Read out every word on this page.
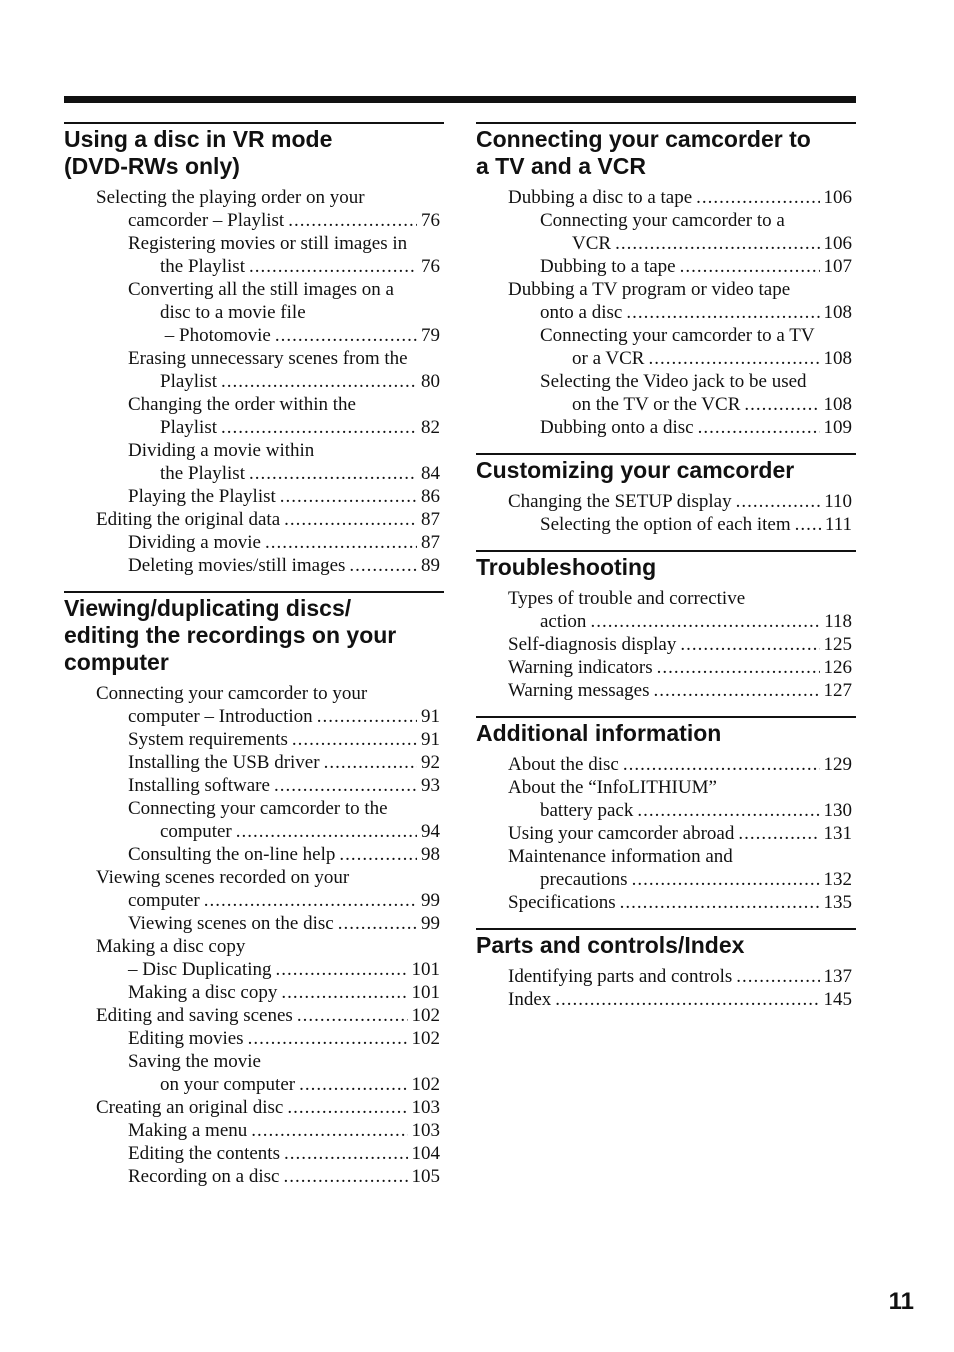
Using a disc in VR mode
(DVD-RWs only)
Selecting the playing order on your
camcorder – Playlist .....	76
Registering movies or still images in
the Playlist .....	76
Converting all the still images on a
disc to a movie file
– Photomovie .....	79
Erasing unnecessary scenes from the
Playlist .....	80
Changing the order within the
Playlist .....	82
Dividing a movie within
the Playlist .....	84
Playing the Playlist .....	86
Editing the original data .....	87
Dividing a movie .....	87
Deleting movies/still images .....	89
Viewing/duplicating discs/
editing the recordings on your
computer
Connecting your camcorder to your
computer – Introduction .....	91
System requirements .....	91
Installing the USB driver .....	92
Installing software .....	93
Connecting your camcorder to the
computer .....	94
Consulting the on-line help .....	98
Viewing scenes recorded on your
computer .....	99
Viewing scenes on the disc .....	99
Making a disc copy
– Disc Duplicating .....	101
Making a disc copy .....	101
Editing and saving scenes .....	102
Editing movies .....	102
Saving the movie
on your computer .....	102
Creating an original disc .....	103
Making a menu .....	103
Editing the contents .....	104
Recording on a disc .....	105
Connecting your camcorder to
a TV and a VCR
Dubbing a disc to a tape .....	106
Connecting your camcorder to a
VCR .....	106
Dubbing to a tape .....	107
Dubbing a TV program or video tape
onto a disc .....	108
Connecting your camcorder to a TV
or a VCR .....	108
Selecting the Video jack to be used
on the TV or the VCR .....	108
Dubbing onto a disc .....	109
Customizing your camcorder
Changing the SETUP display .....	110
Selecting the option of each item ..... 111
Troubleshooting
Types of trouble and corrective
action .....	118
Self-diagnosis display .....	125
Warning indicators .....	126
Warning messages .....	127
Additional information
About the disc .....	129
About the “InfoLITHIUM”
battery pack .....	130
Using your camcorder abroad .....	131
Maintenance information and
precautions .....	132
Specifications .....	135
Parts and controls/Index
Identifying parts and controls .....	137
Index .....	145
11
